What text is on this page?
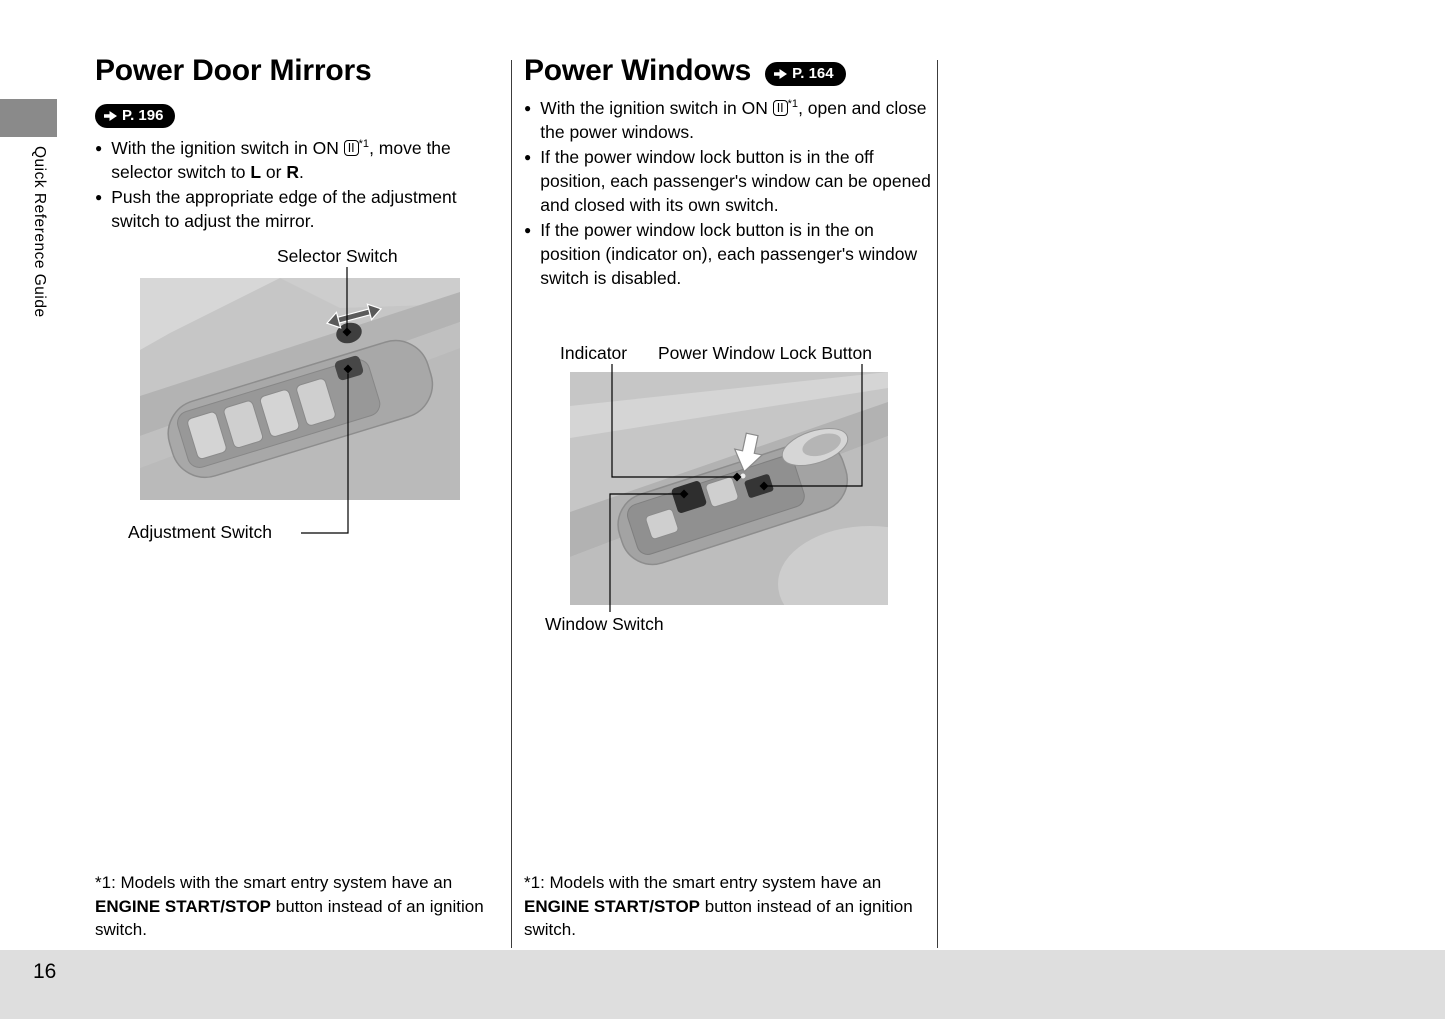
Quick Reference Guide
Power Door Mirrors
P. 196
● With the ignition switch in ON II $^{*1}$, move the selector switch to L or R.
● Push the appropriate edge of the adjustment switch to adjust the mirror.
Selector Switch
Adjustment Switch
*1: Models with the smart entry system have an ENGINE START/STOP button instead of an ignition switch.
Power Windows	P. 164
● With the ignition switch in ON II $^{*1}$, open and close the power windows.
● If the power window lock button is in the off position, each passenger's window can be opened and closed with its own switch.
● If the power window lock button is in the on position (indicator on), each passenger's window switch is disabled.
Indicator Power Window Lock Button
Window Switch
*1: Models with the smart entry system have an ENGINE START/STOP button instead of an ignition switch.
16
